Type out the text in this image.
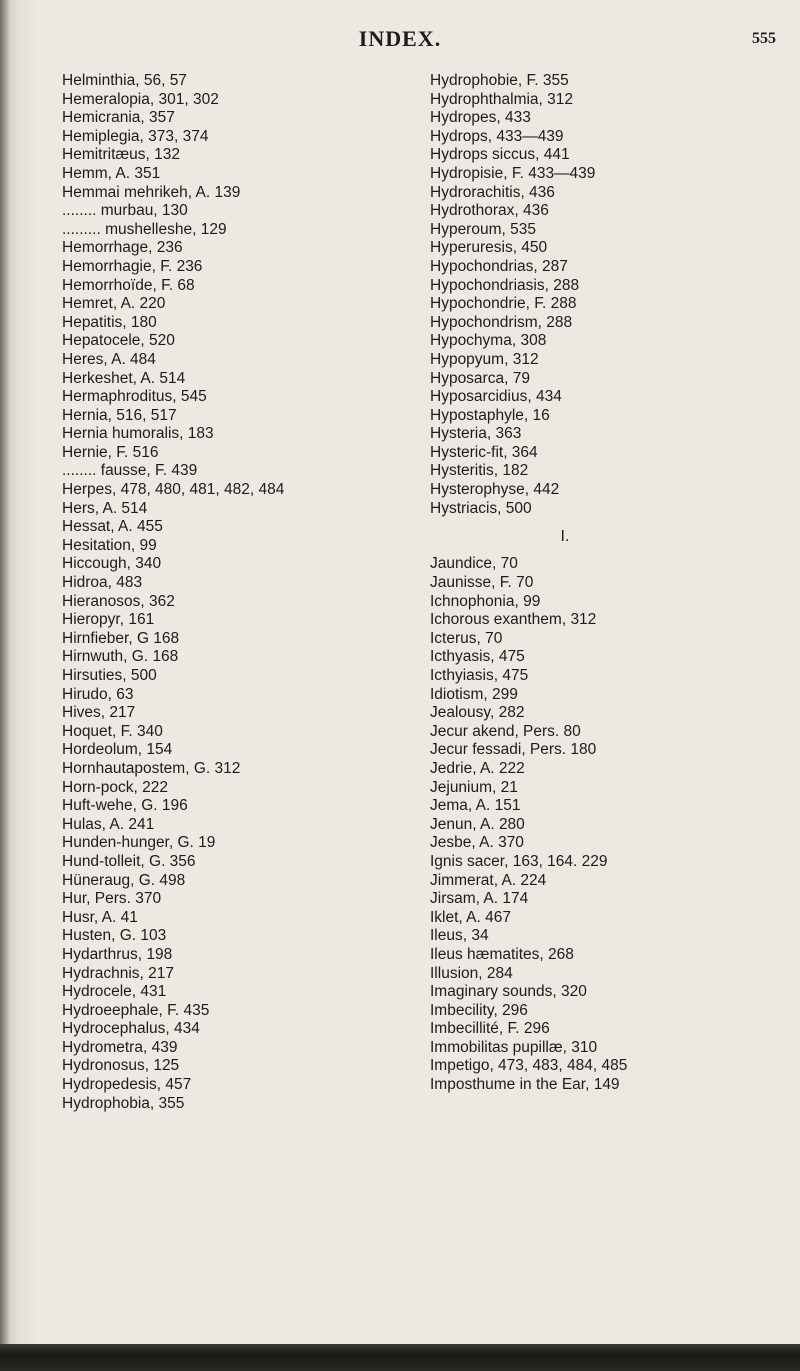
INDEX.	555
Helminthia, 56, 57
Hemeralopia, 301, 302
Hemicrania, 357
Hemiplegia, 373, 374
Hemitritæus, 132
Hemm, A. 351
Hemmai mehrikeh, A. 139
........ murbau, 130
......... mushelleshe, 129
Hemorrhage, 236
Hemorrhagie, F. 236
Hemorrhoïde, F. 68
Hemret, A. 220
Hepatitis, 180
Hepatocele, 520
Heres, A. 484
Herkeshet, A. 514
Hermaphroditus, 545
Hernia, 516, 517
Hernia humoralis, 183
Hernie, F. 516
........ fausse, F. 439
Herpes, 478, 480, 481, 482, 484
Hers, A. 514
Hessat, A. 455
Hesitation, 99
Hiccough, 340
Hidroa, 483
Hieranosos, 362
Hieropyr, 161
Hirnfieber, G 168
Hirnwuth, G. 168
Hirsuties, 500
Hirudo, 63
Hives, 217
Hoquet, F. 340
Hordeolum, 154
Hornhautapostem, G. 312
Horn-pock, 222
Huft-wehe, G. 196
Hulas, A. 241
Hunden-hunger, G. 19
Hund-tolleit, G. 356
Hüneraug, G. 498
Hur, Pers. 370
Husr, A. 41
Husten, G. 103
Hydarthrus, 198
Hydrachnis, 217
Hydrocele, 431
Hydroeephale, F. 435
Hydrocephalus, 434
Hydrometra, 439
Hydronosus, 125
Hydropedesis, 457
Hydrophobia, 355
Hydrophobie, F. 355
Hydrophthalmia, 312
Hydropes, 433
Hydrops, 433—439
Hydrops siccus, 441
Hydropisie, F. 433—439
Hydrorachitis, 436
Hydrothorax, 436
Hyperoum, 535
Hyperuresis, 450
Hypochondrias, 287
Hypochondriasis, 288
Hypochondrie, F. 288
Hypochondrism, 288
Hypochyma, 308
Hypopyum, 312
Hyposarca, 79
Hyposarcidius, 434
Hypostaphyle, 16
Hysteria, 363
Hysteric-fit, 364
Hysteritis, 182
Hysterophyse, 442
Hystriacis, 500
I.
Jaundice, 70
Jaunisse, F. 70
Ichnophonia, 99
Ichorous exanthem, 312
Icterus, 70
Icthyasis, 475
Icthyiasis, 475
Idiotism, 299
Jealousy, 282
Jecur akend, Pers. 80
Jecur fessadi, Pers. 180
Jedrie, A. 222
Jejunium, 21
Jema, A. 151
Jenun, A. 280
Jesbe, A. 370
Ignis sacer, 163, 164. 229
Jimmerat, A. 224
Jirsam, A. 174
Iklet, A. 467
Ileus, 34
Ileus hæmatites, 268
Illusion, 284
Imaginary sounds, 320
Imbecility, 296
Imbecillité, F. 296
Immobilitas pupillæ, 310
Impetigo, 473, 483, 484, 485
Imposthume in the Ear, 149
